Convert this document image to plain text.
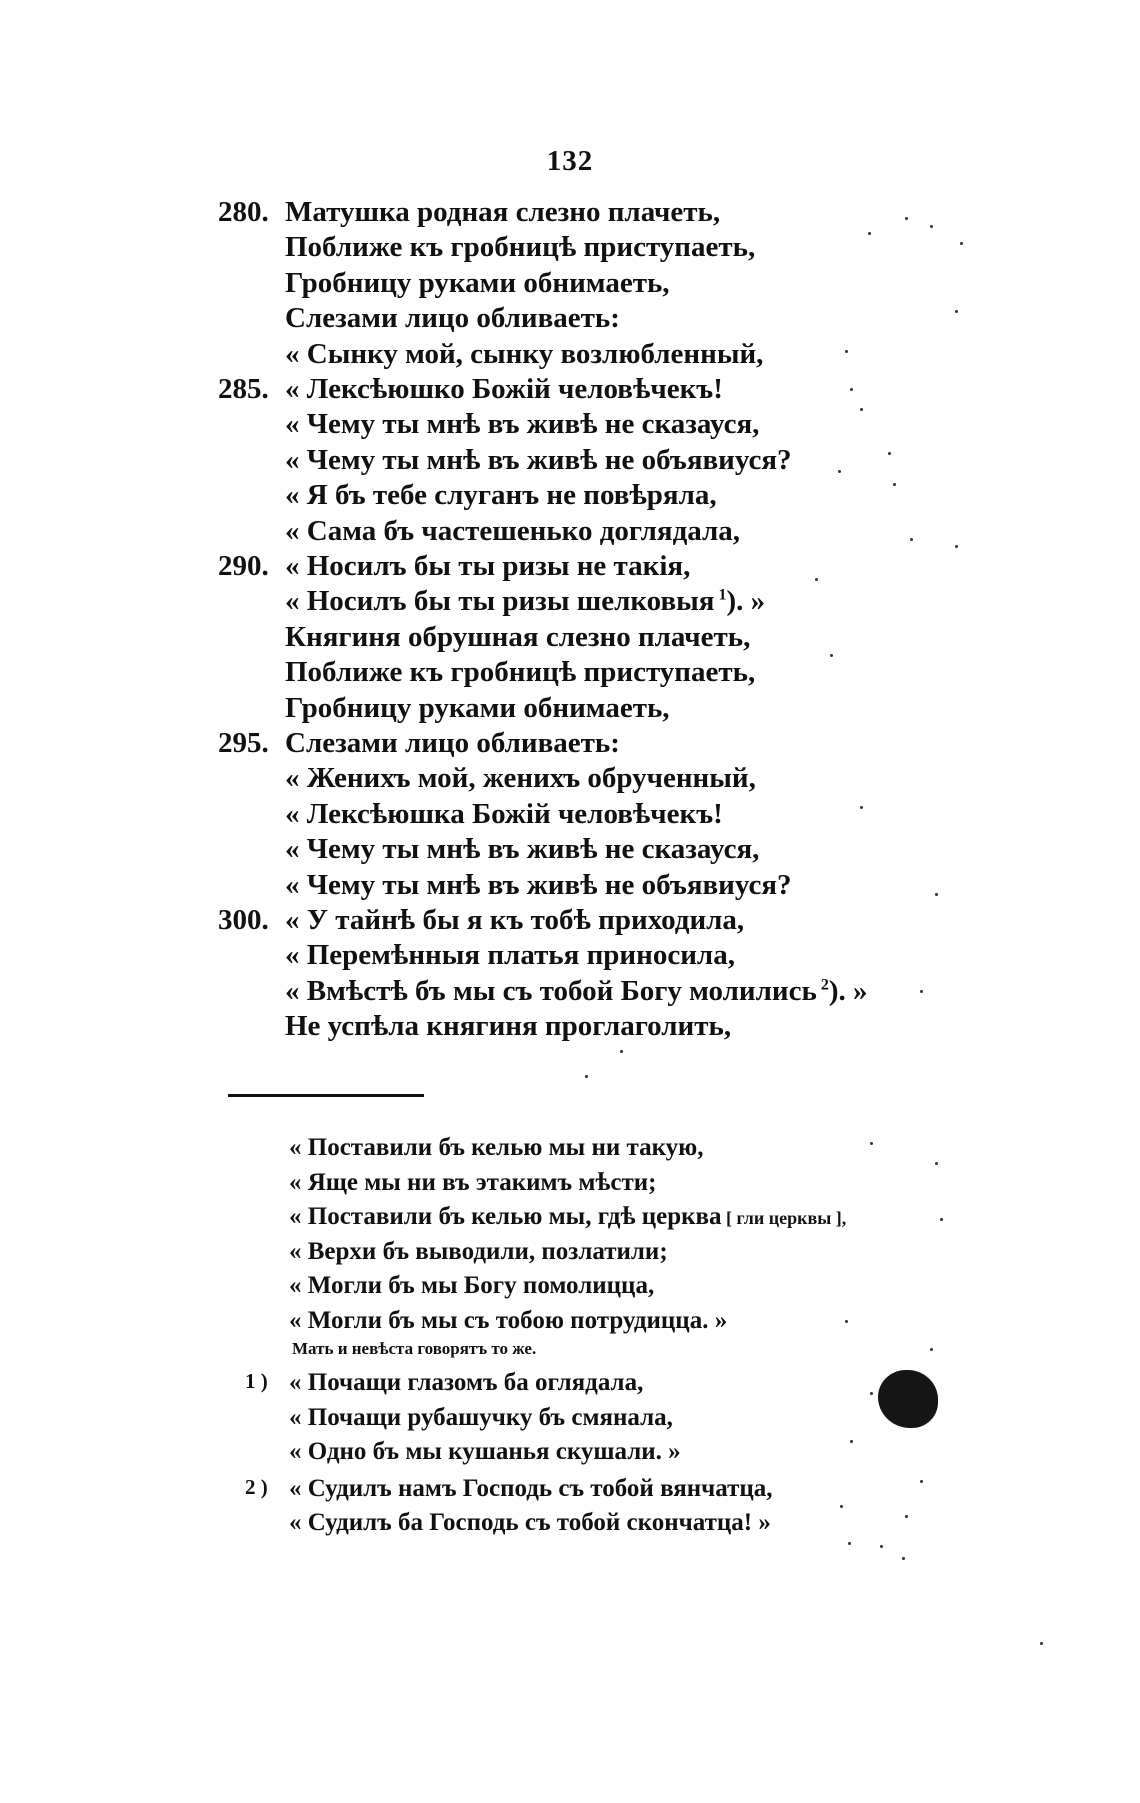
132
280. Матушка родная слезно плачеть,
Поближе къ гробницѣ приступаеть,
Гробницу руками обнимаеть,
Слезами лицо обливаеть:
« Сынку мой, сынку возлюбленный,
285. « Лексѣюшко Божій человѣчекъ!
« Чему ты мнѣ въ живѣ не сказауся,
« Чему ты мнѣ въ живѣ не объявиуся?
« Я бъ тебе слуганъ не повѣряла,
« Сама бъ частешенько доглядала,
290. « Носилъ бы ты ризы не такія,
« Носилъ бы ты ризы шелковыя $^1$). »
Княгиня обрушная слезно плачеть,
Поближе къ гробницѣ приступаеть,
Гробницу руками обнимаеть,
295. Слезами лицо обливаеть:
« Женихъ мой, женихъ обрученный,
« Лексѣюшка Божій человѣчекъ!
« Чему ты мнѣ въ живѣ не сказауся,
« Чему ты мнѣ въ живѣ не объявиуся?
300. « У тайнѣ бы я къ тобѣ приходила,
« Перемѣнныя платья приносила,
« Вмѣстѣ бъ мы съ тобой Богу молились $^2$). »
Не успѣла княгиня проглаголить,
« Поставили бъ келью мы ни такую,
« Яще мы ни въ этакимъ мѣсти;
« Поставили бъ келью мы, гдѣ церква [ гли церквы ],
« Верхи бъ выводили, позлатили;
« Могли бъ мы Богу помолицца,
« Могли бъ мы съ тобою потрудицца. »
Мать и невѣста говорятъ то же.
1 ) « Почащи глазомъ ба оглядала,
« Почащи рубашучку бъ смянала,
« Одно бъ мы кушанья скушали. »
2 ) « Судилъ намъ Господь съ тобой вянчатца,
« Судилъ ба Господь съ тобой скончатца! »
